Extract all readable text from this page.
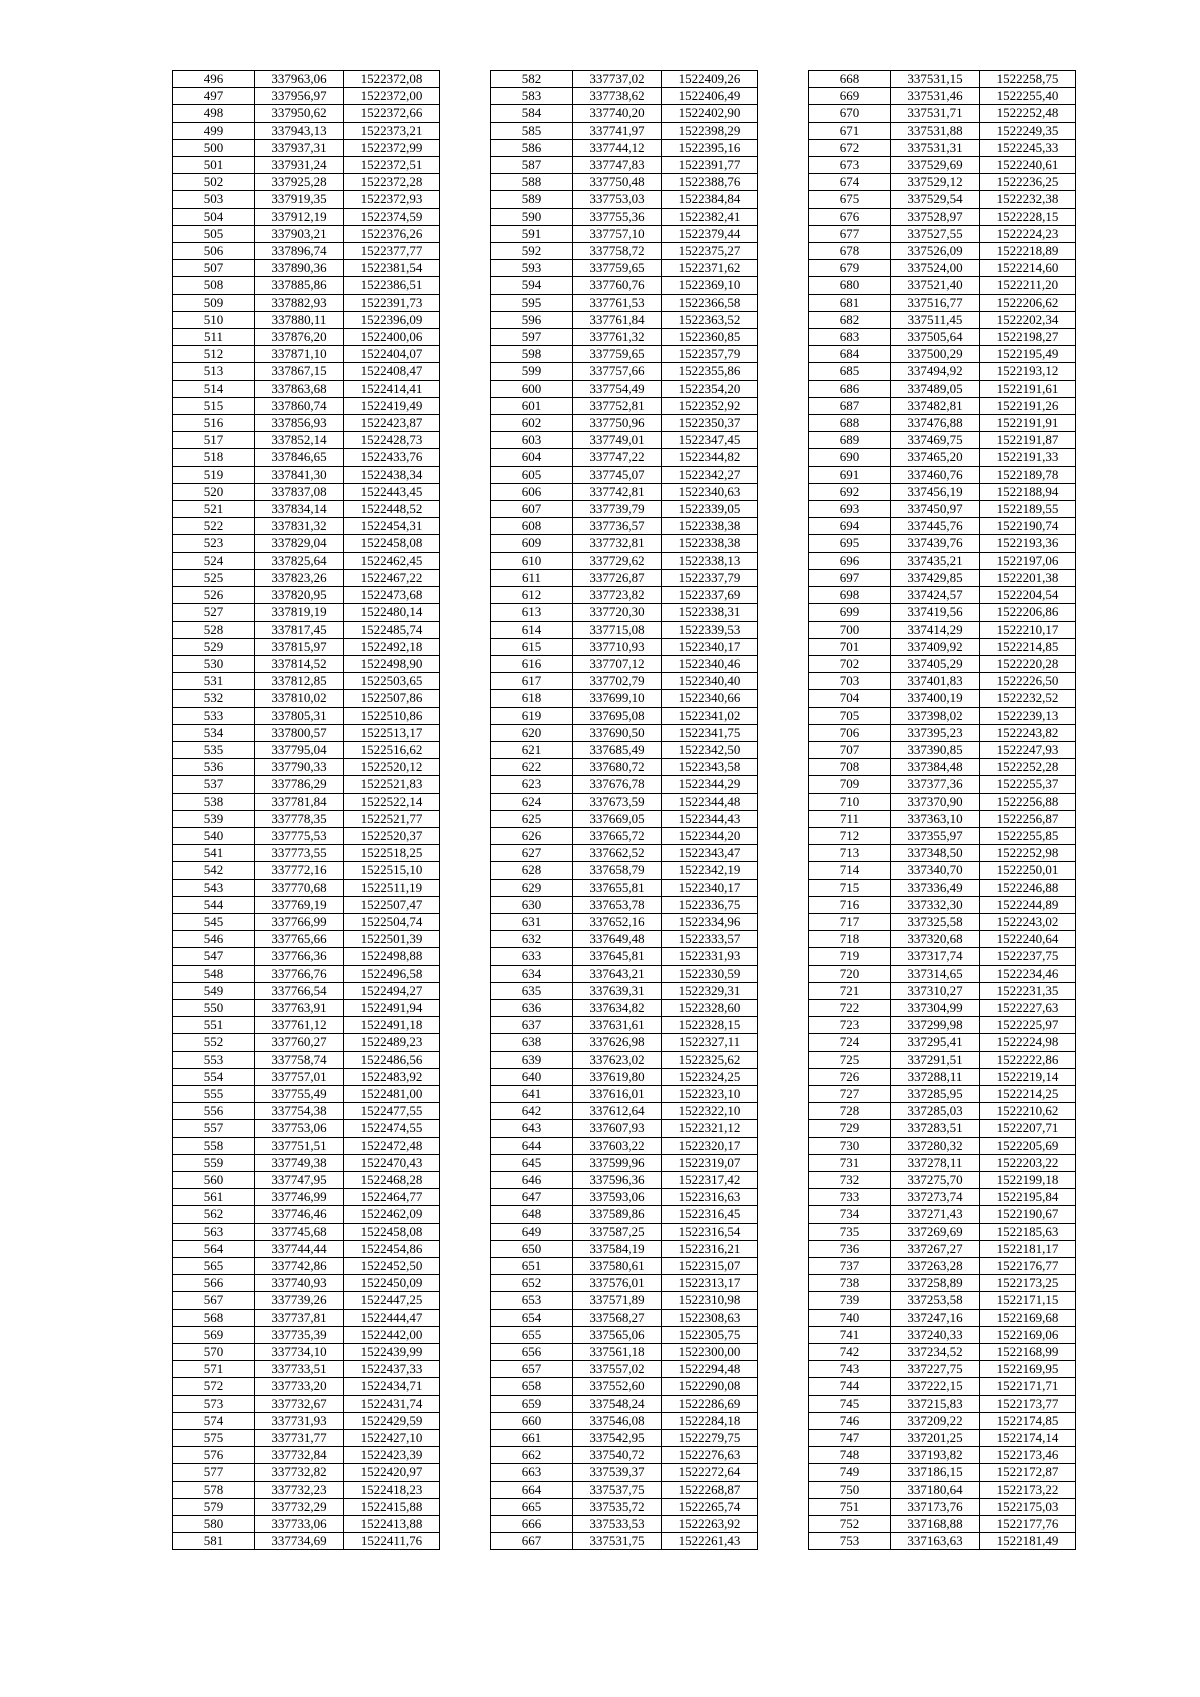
496	337963,06	1522372,08
497	337956,97	1522372,00
498	337950,62	1522372,66
499	337943,13	1522373,21
500	337937,31	1522372,99
501	337931,24	1522372,51
502	337925,28	1522372,28
503	337919,35	1522372,93
504	337912,19	1522374,59
505	337903,21	1522376,26
506	337896,74	1522377,77
507	337890,36	1522381,54
508	337885,86	1522386,51
509	337882,93	1522391,73
510	337880,11	1522396,09
511	337876,20	1522400,06
512	337871,10	1522404,07
513	337867,15	1522408,47
514	337863,68	1522414,41
515	337860,74	1522419,49
516	337856,93	1522423,87
517	337852,14	1522428,73
518	337846,65	1522433,76
519	337841,30	1522438,34
520	337837,08	1522443,45
521	337834,14	1522448,52
522	337831,32	1522454,31
523	337829,04	1522458,08
524	337825,64	1522462,45
525	337823,26	1522467,22
526	337820,95	1522473,68
527	337819,19	1522480,14
528	337817,45	1522485,74
529	337815,97	1522492,18
530	337814,52	1522498,90
531	337812,85	1522503,65
532	337810,02	1522507,86
533	337805,31	1522510,86
534	337800,57	1522513,17
535	337795,04	1522516,62
536	337790,33	1522520,12
537	337786,29	1522521,83
538	337781,84	1522522,14
539	337778,35	1522521,77
540	337775,53	1522520,37
541	337773,55	1522518,25
542	337772,16	1522515,10
543	337770,68	1522511,19
544	337769,19	1522507,47
545	337766,99	1522504,74
546	337765,66	1522501,39
547	337766,36	1522498,88
548	337766,76	1522496,58
549	337766,54	1522494,27
550	337763,91	1522491,94
551	337761,12	1522491,18
552	337760,27	1522489,23
553	337758,74	1522486,56
554	337757,01	1522483,92
555	337755,49	1522481,00
556	337754,38	1522477,55
557	337753,06	1522474,55
558	337751,51	1522472,48
559	337749,38	1522470,43
560	337747,95	1522468,28
561	337746,99	1522464,77
562	337746,46	1522462,09
563	337745,68	1522458,08
564	337744,44	1522454,86
565	337742,86	1522452,50
566	337740,93	1522450,09
567	337739,26	1522447,25
568	337737,81	1522444,47
569	337735,39	1522442,00
570	337734,10	1522439,99
571	337733,51	1522437,33
572	337733,20	1522434,71
573	337732,67	1522431,74
574	337731,93	1522429,59
575	337731,77	1522427,10
576	337732,84	1522423,39
577	337732,82	1522420,97
578	337732,23	1522418,23
579	337732,29	1522415,88
580	337733,06	1522413,88
581	337734,69	1522411,76
582	337737,02	1522409,26
583	337738,62	1522406,49
584	337740,20	1522402,90
585	337741,97	1522398,29
586	337744,12	1522395,16
587	337747,83	1522391,77
588	337750,48	1522388,76
589	337753,03	1522384,84
590	337755,36	1522382,41
591	337757,10	1522379,44
592	337758,72	1522375,27
593	337759,65	1522371,62
594	337760,76	1522369,10
595	337761,53	1522366,58
596	337761,84	1522363,52
597	337761,32	1522360,85
598	337759,65	1522357,79
599	337757,66	1522355,86
600	337754,49	1522354,20
601	337752,81	1522352,92
602	337750,96	1522350,37
603	337749,01	1522347,45
604	337747,22	1522344,82
605	337745,07	1522342,27
606	337742,81	1522340,63
607	337739,79	1522339,05
608	337736,57	1522338,38
609	337732,81	1522338,38
610	337729,62	1522338,13
611	337726,87	1522337,79
612	337723,82	1522337,69
613	337720,30	1522338,31
614	337715,08	1522339,53
615	337710,93	1522340,17
616	337707,12	1522340,46
617	337702,79	1522340,40
618	337699,10	1522340,66
619	337695,08	1522341,02
620	337690,50	1522341,75
621	337685,49	1522342,50
622	337680,72	1522343,58
623	337676,78	1522344,29
624	337673,59	1522344,48
625	337669,05	1522344,43
626	337665,72	1522344,20
627	337662,52	1522343,47
628	337658,79	1522342,19
629	337655,81	1522340,17
630	337653,78	1522336,75
631	337652,16	1522334,96
632	337649,48	1522333,57
633	337645,81	1522331,93
634	337643,21	1522330,59
635	337639,31	1522329,31
636	337634,82	1522328,60
637	337631,61	1522328,15
638	337626,98	1522327,11
639	337623,02	1522325,62
640	337619,80	1522324,25
641	337616,01	1522323,10
642	337612,64	1522322,10
643	337607,93	1522321,12
644	337603,22	1522320,17
645	337599,96	1522319,07
646	337596,36	1522317,42
647	337593,06	1522316,63
648	337589,86	1522316,45
649	337587,25	1522316,54
650	337584,19	1522316,21
651	337580,61	1522315,07
652	337576,01	1522313,17
653	337571,89	1522310,98
654	337568,27	1522308,63
655	337565,06	1522305,75
656	337561,18	1522300,00
657	337557,02	1522294,48
658	337552,60	1522290,08
659	337548,24	1522286,69
660	337546,08	1522284,18
661	337542,95	1522279,75
662	337540,72	1522276,63
663	337539,37	1522272,64
664	337537,75	1522268,87
665	337535,72	1522265,74
666	337533,53	1522263,92
667	337531,75	1522261,43
668	337531,15	1522258,75
669	337531,46	1522255,40
670	337531,71	1522252,48
671	337531,88	1522249,35
672	337531,31	1522245,33
673	337529,69	1522240,61
674	337529,12	1522236,25
675	337529,54	1522232,38
676	337528,97	1522228,15
677	337527,55	1522224,23
678	337526,09	1522218,89
679	337524,00	1522214,60
680	337521,40	1522211,20
681	337516,77	1522206,62
682	337511,45	1522202,34
683	337505,64	1522198,27
684	337500,29	1522195,49
685	337494,92	1522193,12
686	337489,05	1522191,61
687	337482,81	1522191,26
688	337476,88	1522191,91
689	337469,75	1522191,87
690	337465,20	1522191,33
691	337460,76	1522189,78
692	337456,19	1522188,94
693	337450,97	1522189,55
694	337445,76	1522190,74
695	337439,76	1522193,36
696	337435,21	1522197,06
697	337429,85	1522201,38
698	337424,57	1522204,54
699	337419,56	1522206,86
700	337414,29	1522210,17
701	337409,92	1522214,85
702	337405,29	1522220,28
703	337401,83	1522226,50
704	337400,19	1522232,52
705	337398,02	1522239,13
706	337395,23	1522243,82
707	337390,85	1522247,93
708	337384,48	1522252,28
709	337377,36	1522255,37
710	337370,90	1522256,88
711	337363,10	1522256,87
712	337355,97	1522255,85
713	337348,50	1522252,98
714	337340,70	1522250,01
715	337336,49	1522246,88
716	337332,30	1522244,89
717	337325,58	1522243,02
718	337320,68	1522240,64
719	337317,74	1522237,75
720	337314,65	1522234,46
721	337310,27	1522231,35
722	337304,99	1522227,63
723	337299,98	1522225,97
724	337295,41	1522224,98
725	337291,51	1522222,86
726	337288,11	1522219,14
727	337285,95	1522214,25
728	337285,03	1522210,62
729	337283,51	1522207,71
730	337280,32	1522205,69
731	337278,11	1522203,22
732	337275,70	1522199,18
733	337273,74	1522195,84
734	337271,43	1522190,67
735	337269,69	1522185,63
736	337267,27	1522181,17
737	337263,28	1522176,77
738	337258,89	1522173,25
739	337253,58	1522171,15
740	337247,16	1522169,68
741	337240,33	1522169,06
742	337234,52	1522168,99
743	337227,75	1522169,95
744	337222,15	1522171,71
745	337215,83	1522173,77
746	337209,22	1522174,85
747	337201,25	1522174,14
748	337193,82	1522173,46
749	337186,15	1522172,87
750	337180,64	1522173,22
751	337173,76	1522175,03
752	337168,88	1522177,76
753	337163,63	1522181,49
